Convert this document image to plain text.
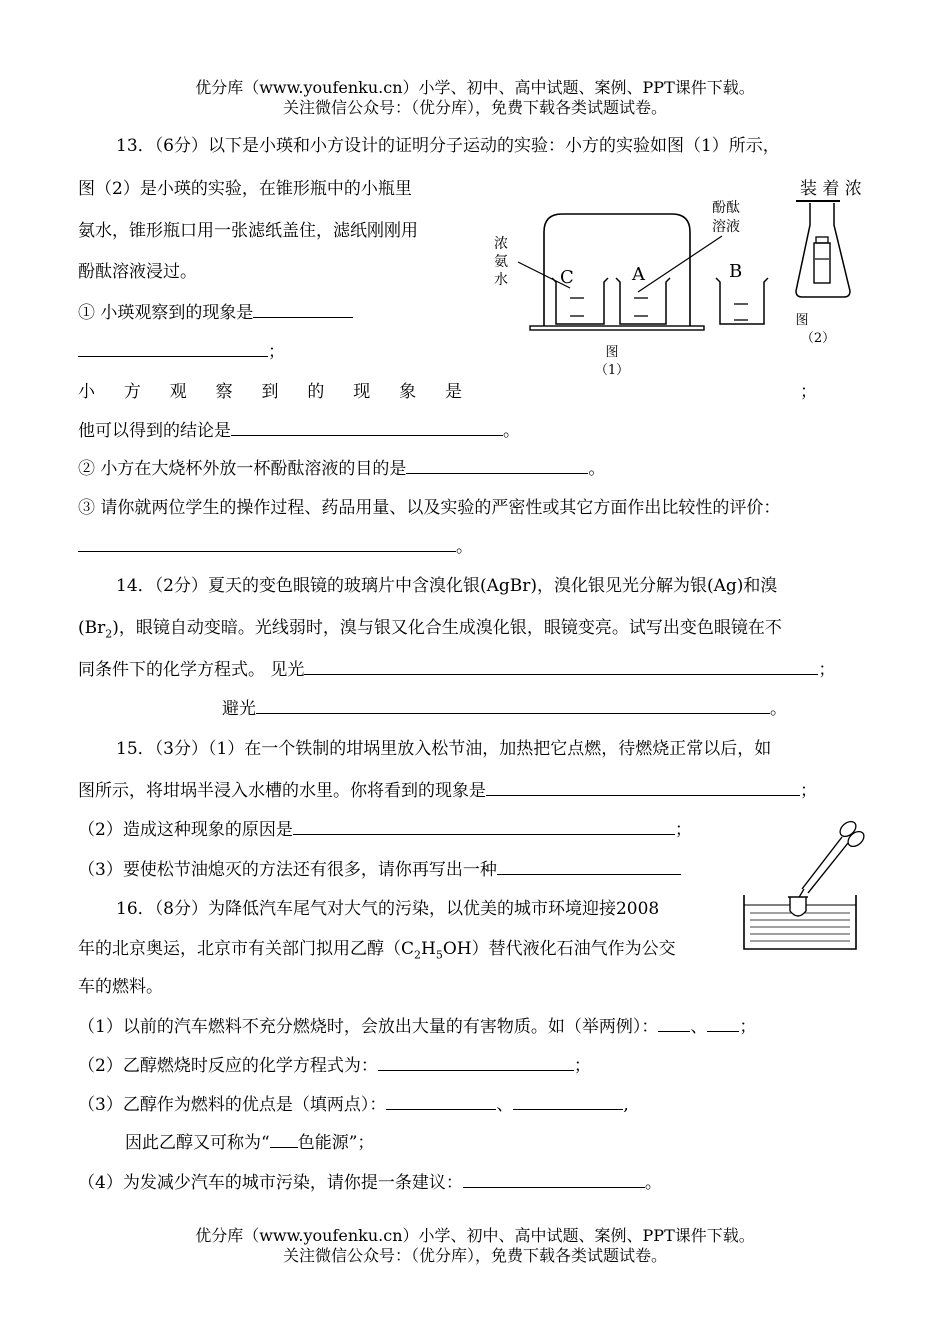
优分库（www.youfenku.cn）小学、初中、高中试题、案例、PPT课件下载。
关注微信公众号：（优分库），免费下载各类试题试卷。
13．（6分）以下是小瑛和小方设计的证明分子运动的实验：小方的实验如图（1）所示，
图（2）是小瑛的实验，在锥形瓶中的小瓶里	装 着 浓
氨水，锥形瓶口用一张滤纸盖住，滤纸刚刚用
酚酞溶液浸过。
① 小瑛观察到的现象是
；
小 方 观 察 到 的 现 象 是	；
他可以得到的结论是	。
② 小方在大烧杯外放一杯酚酞溶液的目的是	。
③ 请你就两位学生的操作过程、药品用量、以及实验的严密性或其它方面作出比较性的评价：
。
C	A	B
浓
氨
水
酚酞
溶液
图
（1）
图
（2）
14．（2分）夏天的变色眼镜的玻璃片中含溴化银(AgBr)，溴化银见光分解为银(Ag)和溴
$(Br_2)$，眼镜自动变暗。光线弱时，溴与银又化合生成溴化银，眼镜变亮。试写出变色眼镜在不
同条件下的化学方程式。 见光	；
避光	。
15．（3分）（1）在一个铁制的坩埚里放入松节油，加热把它点燃，待燃烧正常以后，如
图所示，将坩埚半浸入水槽的水里。你将看到的现象是	；
（2）造成这种现象的原因是	；
（3）要使松节油熄灭的方法还有很多，请你再写出一种
16．（8分）为降低汽车尾气对大气的污染，以优美的城市环境迎接2008
年的北京奥运，北京市有关部门拟用乙醇$(C_2H_5OH)$替代液化石油气作为公交
车的燃料。
（1）以前的汽车燃料不充分燃烧时，会放出大量的有害物质。如（举两例）： 、 ；
（2）乙醇燃烧时反应的化学方程式为：	；
（3）乙醇作为燃料的优点是（填两点）：	、	,
因此乙醇又可称为“ 色能源”；
（4）为发减少汽车的城市污染，请你提一条建议：	。
优分库（www.youfenku.cn）小学、初中、高中试题、案例、PPT课件下载。
关注微信公众号：（优分库），免费下载各类试题试卷。
